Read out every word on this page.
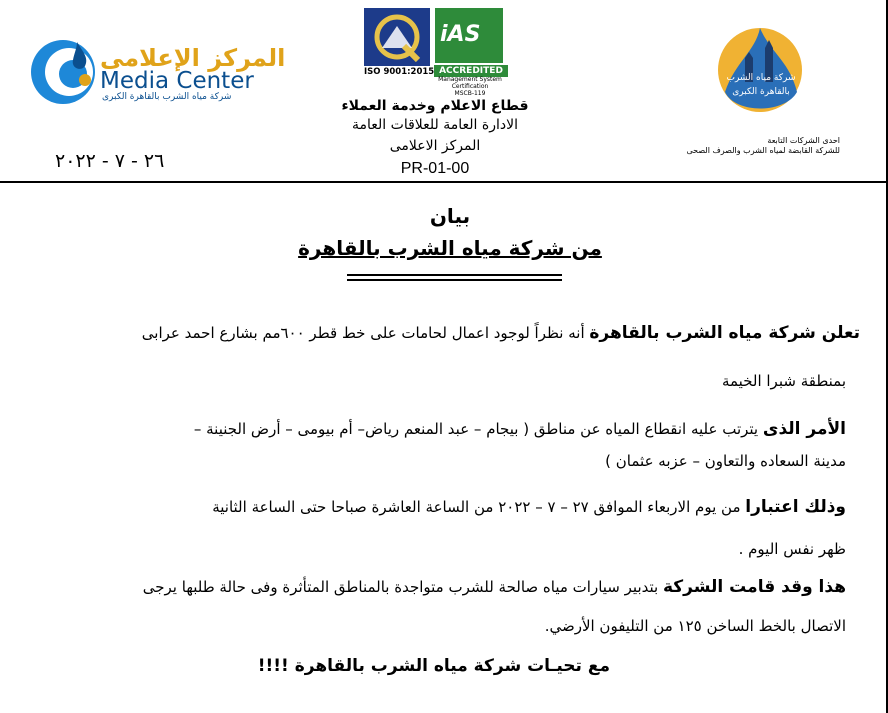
المركز الإعلامى
Media Center
شركة مياه الشرب بالقاهرة الكبرى
٢٦ - ٧ - ٢٠٢٢
ISO 9001:2015
iAS
ACCREDITED
Management System
Certification
MSCB-119
قطاع الاعلام وخدمة العملاء
الادارة العامة للعلاقات العامة
المركز الاعلامى
PR-01-00
شركة مياه الشرب
بالقاهرة الكبرى
احدى الشركات التابعة
للشركة القابضة لمياه الشرب والصرف الصحى
بيان
من شركة مياه الشرب بالقاهرة
تعلن شركة مياه الشرب بالقاهرة أنه نظراً لوجود اعمال لحامات على خط قطر ٦٠٠مم بشارع احمد عرابى
بمنطقة شبرا الخيمة
الأمر الذى يترتب عليه انقطاع المياه عن مناطق ( بيجام – عبد المنعم رياض– أم بيومى – أرض الجنينة –
مدينة السعاده والتعاون – عزبه عثمان )
وذلك اعتبارا من يوم الاربعاء الموافق ٢٧ – ٧ – ٢٠٢٢ من الساعة العاشرة صباحا حتى الساعة الثانية
ظهر نفس اليوم .
هذا وقد قامت الشركة بتدبير سيارات مياه صالحة للشرب متواجدة بالمناطق المتأثرة وفى حالة طلبها يرجى
الاتصال بالخط الساخن ١٢٥ من التليفون الأرضي.
مع تحيـات شركة مياه الشرب بالقاهرة !!!!
